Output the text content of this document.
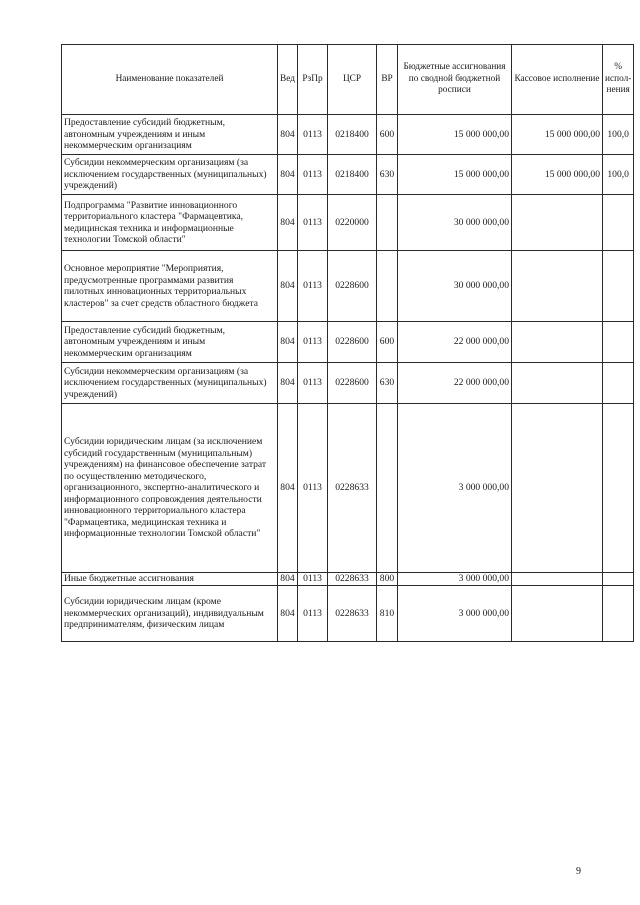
Наименование показателей	Вед	РзПр	ЦСР	ВР	Бюджетные ассигнования по сводной бюджетной росписи	Кассовое исполнение	% испол-нения
Предоставление субсидий бюджетным, автономным учреждениям и иным некоммерческим организациям	804	0113	0218400	600	15 000 000,00	15 000 000,00	100,0
Субсидии некоммерческим организациям (за исключением государственных (муниципальных) учреждений)	804	0113	0218400	630	15 000 000,00	15 000 000,00	100,0
Подпрограмма "Развитие инновационного территориального кластера "Фармацевтика, медицинская техника и информационные технологии Томской области"	804	0113	0220000		30 000 000,00		
Основное мероприятие "Мероприятия, предусмотренные программами развития пилотных инновационных территориальных кластеров" за счет средств областного бюджета	804	0113	0228600		30 000 000,00		
Предоставление субсидий бюджетным, автономным учреждениям и иным некоммерческим организациям	804	0113	0228600	600	22 000 000,00		
Субсидии некоммерческим организациям (за исключением государственных (муниципальных) учреждений)	804	0113	0228600	630	22 000 000,00		
Субсидии юридическим лицам (за исключением субсидий государственным (муниципальным) учреждениям) на финансовое обеспечение затрат по осуществлению методического, организационного, экспертно-аналитического и информационного сопровождения деятельности инновационного территориального кластера "Фармацевтика, медицинская техника и информационные технологии Томской области"	804	0113	0228633		3 000 000,00		
Иные бюджетные ассигнования	804	0113	0228633	800	3 000 000,00		
Субсидии юридическим лицам (кроме некоммерческих организаций), индивидуальным предпринимателям, физическим лицам	804	0113	0228633	810	3 000 000,00		
9
